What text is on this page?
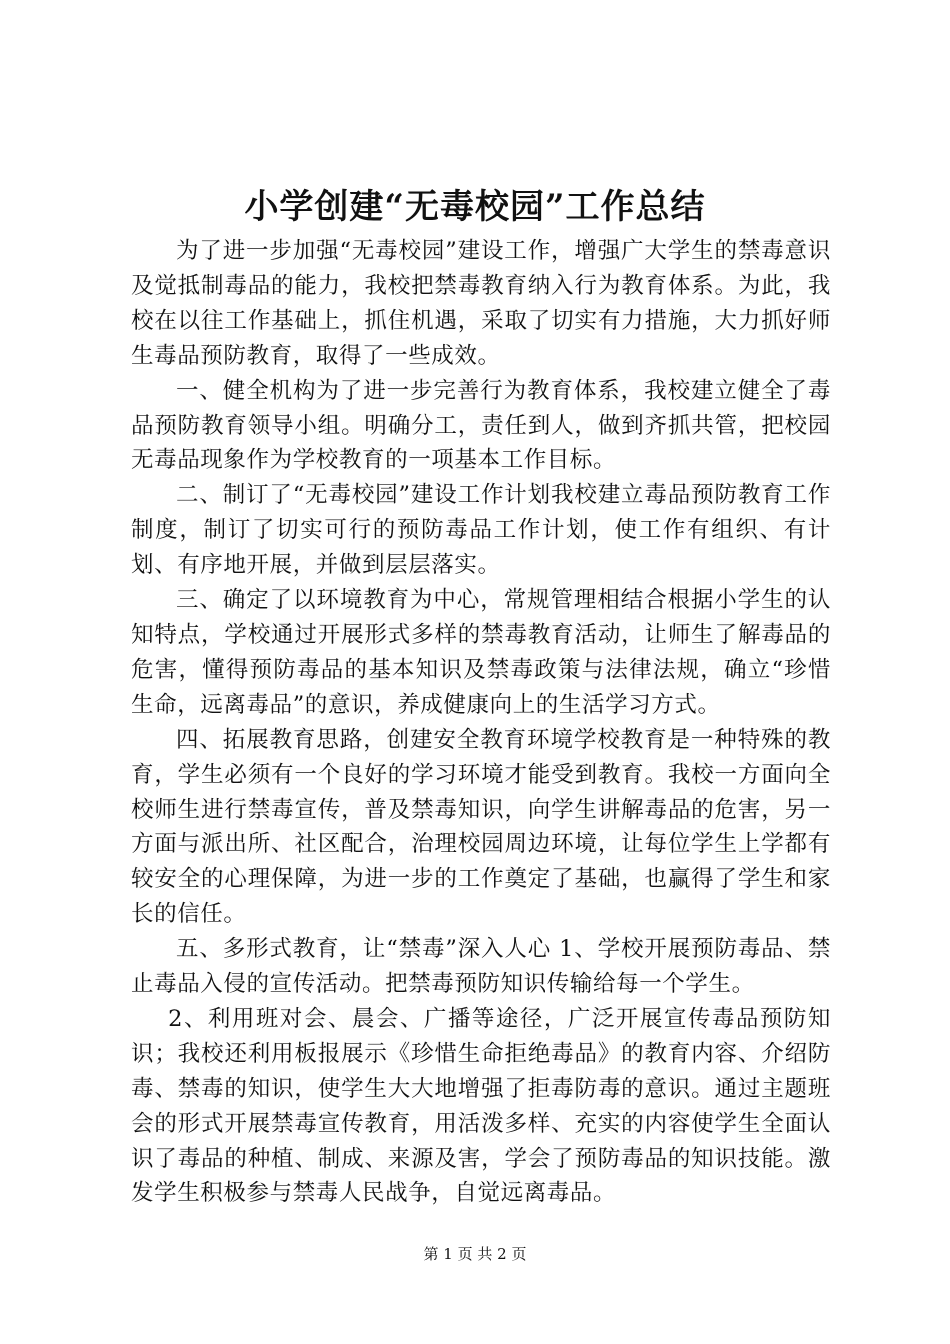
小学创建“无毒校园”工作总结

为了进一步加强“无毒校园”建设工作，增强广大学生的禁毒意识及觉抵制毒品的能力，我校把禁毒教育纳入行为教育体系。为此，我校在以往工作基础上，抓住机遇，采取了切实有力措施，大力抓好师生毒品预防教育，取得了一些成效。

一、健全机构为了进一步完善行为教育体系，我校建立健全了毒品预防教育领导小组。明确分工，责任到人，做到齐抓共管，把校园无毒品现象作为学校教育的一项基本工作目标。

二、制订了“无毒校园”建设工作计划我校建立毒品预防教育工作制度，制订了切实可行的预防毒品工作计划，使工作有组织、有计划、有序地开展，并做到层层落实。

三、确定了以环境教育为中心，常规管理相结合根据小学生的认知特点，学校通过开展形式多样的禁毒教育活动，让师生了解毒品的危害，懂得预防毒品的基本知识及禁毒政策与法律法规，确立“珍惜生命，远离毒品”的意识，养成健康向上的生活学习方式。

四、拓展教育思路，创建安全教育环境学校教育是一种特殊的教育，学生必须有一个良好的学习环境才能受到教育。我校一方面向全校师生进行禁毒宣传，普及禁毒知识，向学生讲解毒品的危害，另一方面与派出所、社区配合，治理校园周边环境，让每位学生上学都有较安全的心理保障，为进一步的工作奠定了基础，也赢得了学生和家长的信任。

五、多形式教育，让“禁毒”深入人心 1、学校开展预防毒品、禁止毒品入侵的宣传活动。把禁毒预防知识传输给每一个学生。

2、利用班对会、晨会、广播等途径，广泛开展宣传毒品预防知识；我校还利用板报展示《珍惜生命拒绝毒品》的教育内容、介绍防毒、禁毒的知识，使学生大大地增强了拒毒防毒的意识。通过主题班会的形式开展禁毒宣传教育，用活泼多样、充实的内容使学生全面认识了毒品的种植、制成、来源及害，学会了预防毒品的知识技能。激发学生积极参与禁毒人民战争，自觉远离毒品。

第 1 页 共 2 页
